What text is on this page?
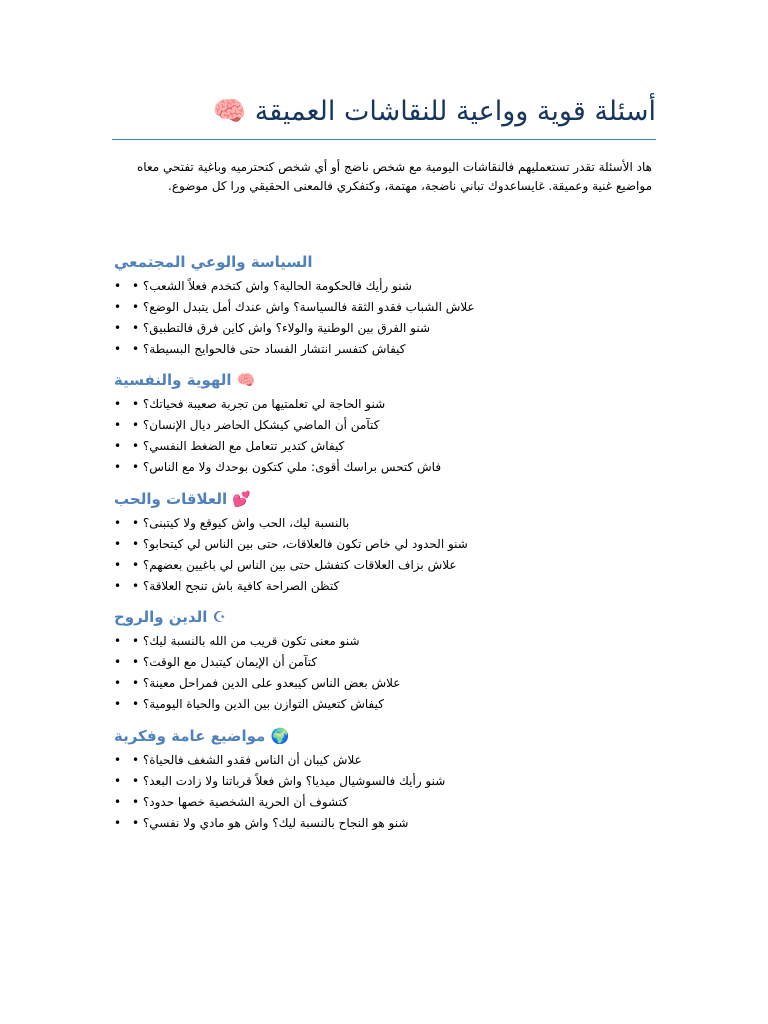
أسئلة قوية وواعية للنقاشات العميقة 🧠

هاد الأسئلة تقدر تستعمليهم فالنقاشات اليومية مع شخص ناضج أو أي شخص كتحترميه وباغية تفتحي معاه مواضيع غنية وعميقة. غايساعدوك تباني ناضجة، مهتمة، وكتفكري فالمعنى الحقيقي ورا كل موضوع.

السياسة والوعي المجتمعي
• شنو رأيك فالحكومة الحالية؟ واش كتخدم فعلاً الشعب؟ •
• علاش الشباب فقدو الثقة فالسياسة؟ واش عندك أمل يتبدل الوضع؟ •
• شنو الفرق بين الوطنية والولاء؟ واش كاين فرق فالتطبيق؟ •
• كيفاش كتفسر انتشار الفساد حتى فالحوايج البسيطة؟ •
🧠 الهوية والنفسية
• شنو الحاجة لي تعلمتيها من تجربة صعيبة فحياتك؟ •
• كتآمن أن الماضي كيشكل الحاضر ديال الإنسان؟ •
• كيفاش كتدير تتعامل مع الضغط النفسي؟ •
• فاش كتحس براسك أقوى: ملي كتكون بوحدك ولا مع الناس؟ •
💕 العلاقات والحب
• بالنسبة ليك، الحب واش كيوقع ولا كيتبنى؟ •
• شنو الحدود لي خاص تكون فالعلاقات، حتى بين الناس لي كيتحابو؟ •
• علاش بزاف العلاقات كتفشل حتى بين الناس لي باغيين بعضهم؟ •
• كتظن الصراحة كافية باش تنجح العلاقة؟ •
☪ الدين والروح
• شنو معنى تكون قريب من الله بالنسبة ليك؟ •
• كتآمن أن الإيمان كيتبدل مع الوقت؟ •
• علاش بعض الناس كيبعدو على الدين فمراحل معينة؟ •
• كيفاش كتعيش التوازن بين الدين والحياة اليومية؟ •
🌍 مواضيع عامة وفكرية
• علاش كيبان أن الناس فقدو الشغف فالحياة؟ •
• شنو رأيك فالسوشيال ميديا؟ واش فعلاً قرباتنا ولا زادت البعد؟ •
• كتشوف أن الحرية الشخصية خصها حدود؟ •
• شنو هو النجاح بالنسبة ليك؟ واش هو مادي ولا نفسي؟ •
